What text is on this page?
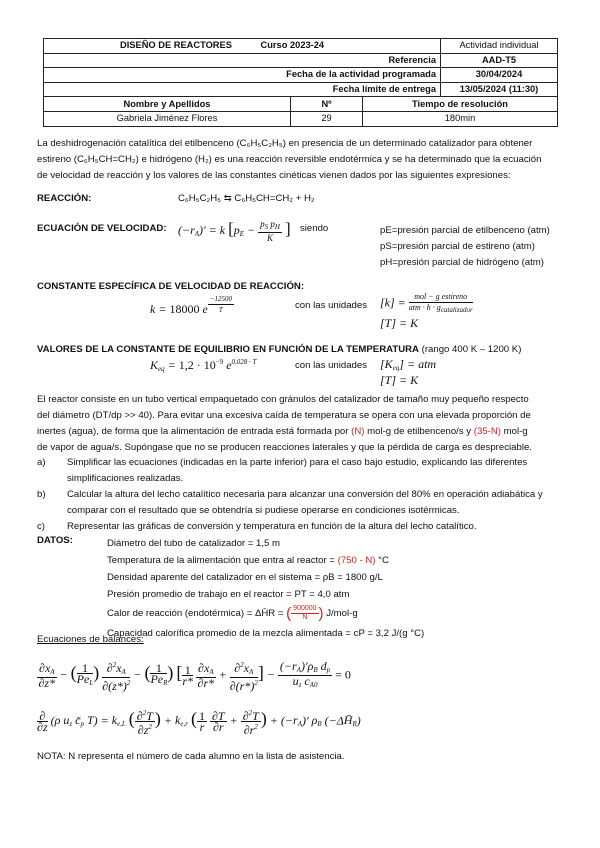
DISEÑO DE REACTORES Curso 2023-24			Actividad individual
Referencia			AAD-T5
Fecha de la actividad programada			30/04/2024
Fecha límite de entrega			13/05/2024 (11:30)
Nombre y Apellidos	Nº	Tiempo de resolución	
Gabriela Jiménez Flores	29	180min	
La deshidrogenación catalítica del etilbenceno (C₆H₅C₂H₅) en presencia de un determinado catalizador para obtener
estireno (C₆H₅CH=CH₂) e hidrógeno (H₂) es una reacción reversible endotérmica y se ha determinado que la ecuación
de velocidad de reacción y los valores de las constantes cinéticas vienen dados por las siguientes expresiones:
REACCIÓN:	C₆H₅C₂H₅ ⇆ C₆H₅CH=CH₂ + H₂
ECUACIÓN DE VELOCIDAD: $(-r_A)' = k$ [$p_E - \frac{p_S p_H}{K}$ ] siendo	pE=presión parcial de etilbenceno (atm)
pS=presión parcial de estireno (atm)
pH=presión parcial de hidrógeno (atm)
CONSTANTE ESPECÍFICA DE VELOCIDAD DE REACCIÓN:
k = 18000 e $^{\frac{-12500}{T}}$	con las unidades $[k] = \frac{\text{mol − g estireno}}{\text{atm · h · gcatalizador}}$
[T] = K
VALORES DE LA CONSTANTE DE EQUILIBRIO EN FUNCIÓN DE LA TEMPERATURA (rango 400 K – 1200 K)
$K_{eq} = 1,2 \cdot 10^{-9}$ $e^{0,028 \cdot T}$	con las unidades $[K_{eq}]$ = atm
[T] = K
El reactor consiste en un tubo vertical empaquetado con gránulos del catalizador de tamaño muy pequeño respecto
del diámetro (DT/dp >> 40). Para evitar una excesiva caída de temperatura se opera con una elevada proporción de
inertes (agua), de forma que la alimentación de entrada está formada por (N) mol-g de etilbenceno/s y (35-N) mol-g
de vapor de agua/s. Supóngase que no se producen reacciones laterales y que la pérdida de carga es despreciable.
a) Simplificar las ecuaciones (indicadas en la parte inferior) para el caso bajo estudio, explicando las diferentes
simplificaciones realizadas.
b) Calcular la altura del lecho catalítico necesaria para alcanzar una conversión del 80% en operación adiabática y
comparar con el resultado que se obtendría si pudiese operarse en condiciones isotérmicas.
c) Representar las gráficas de conversión y temperatura en función de la altura del lecho catalítico.
DATOS:	Diámetro del tubo de catalizador = 1,5 m
Temperatura de la alimentación que entra al reactor = (750 - N) °C
Densidad aparente del catalizador en el sistema = ρB = 1800 g/L
Presión promedio de trabajo en el reactor = PT = 4,0 atm
Calor de reacción (endotérmica) = ΔH̄R = ( $\frac{900000}{N}$ ) J/mol-g
Capacidad calorífica promedio de la mezcla alimentada = cP = 3,2 J/(g °C)
Ecuaciones de balances:
$\frac{\partial x_A}{\partial z*}$ − ( $\frac{1}{Pe_L}$ ) $\frac{\partial^2x_A}{\partial(z*)^2}$ − ( $\frac{1}{Pe_R}$ ) [ $\frac{1}{r*}$
$\frac{\partial x_A}{\partial r*} + \frac{\partial^2x_A}{\partial(r*)^2}$ ] − $\frac{(-r_A)'\rho_B d_p}{u_z c_{A0}} = 0$
$\frac{\partial}{\partial z} (\rho$ $u_z$ $c̄_p$ $T) = k_{e,L}$ ( $\frac{\partial^2T}{\partial z^2}$ ) + $k_{e,r}$ ( $\frac{1}{r}$
$\frac{\partial T}{\partial r} + \frac{\partial^2T}{\partial r^2}$ ) + $(-r_A)'$ $\rho_B$ $(-\Delta H̄_R)$
NOTA: N representa el número de cada alumno en la lista de asistencia.
